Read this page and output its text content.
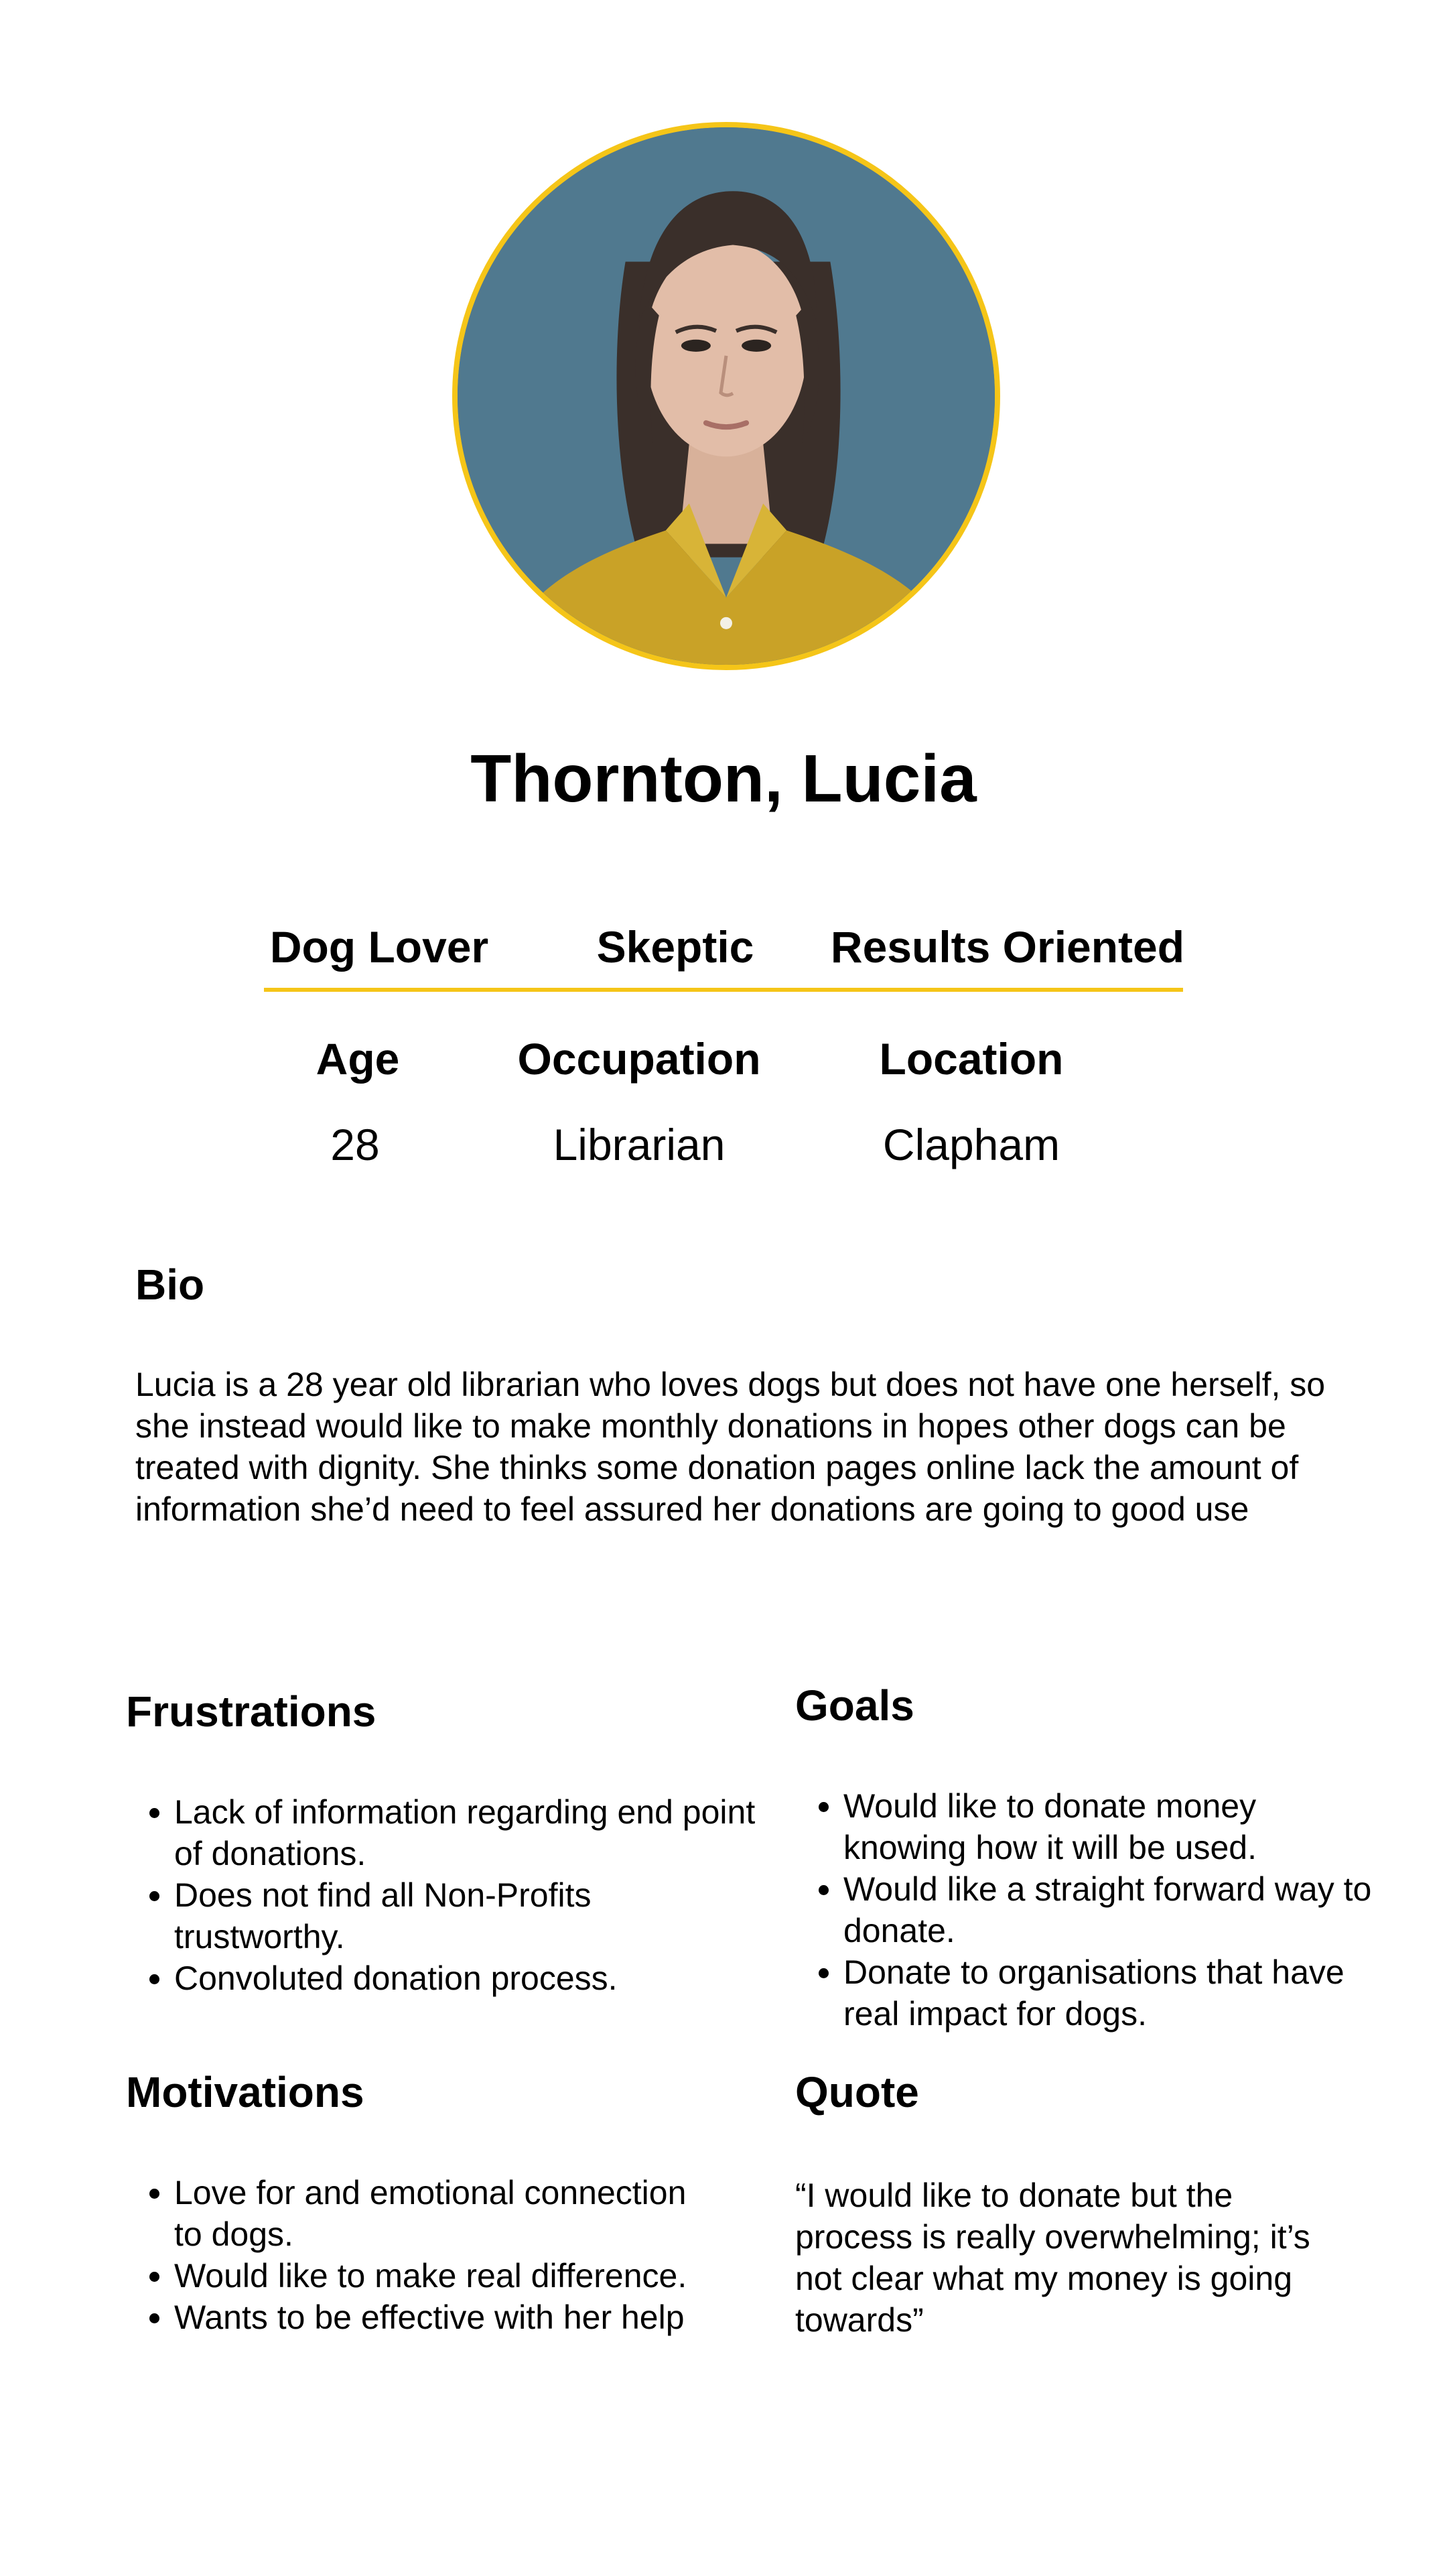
Thornton, Lucia
Dog Lover Skeptic Results Oriented
Age	Occupation	Location
28	Librarian	Clapham
Bio
Lucia is a 28 year old librarian who loves dogs but does not have one herself, so she instead would like to make monthly donations in hopes other dogs can be treated with dignity. She thinks some donation pages online lack the amount of information she’d need to feel assured her donations are going to good use
Frustrations
• Lack of information regarding end point of donations.
• Does not find all Non-Profits trustworthy.
• Convoluted donation process.
Goals
• Would like to donate money knowing how it will be used.
• Would like a straight forward way to donate.
• Donate to organisations that have real impact for dogs.
Motivations
• Love for and emotional connection to dogs.
• Would like to make real difference.
• Wants to be effective with her help
Quote
“I would like to donate but the process is really overwhelming; it’s not clear what my money is going towards”
